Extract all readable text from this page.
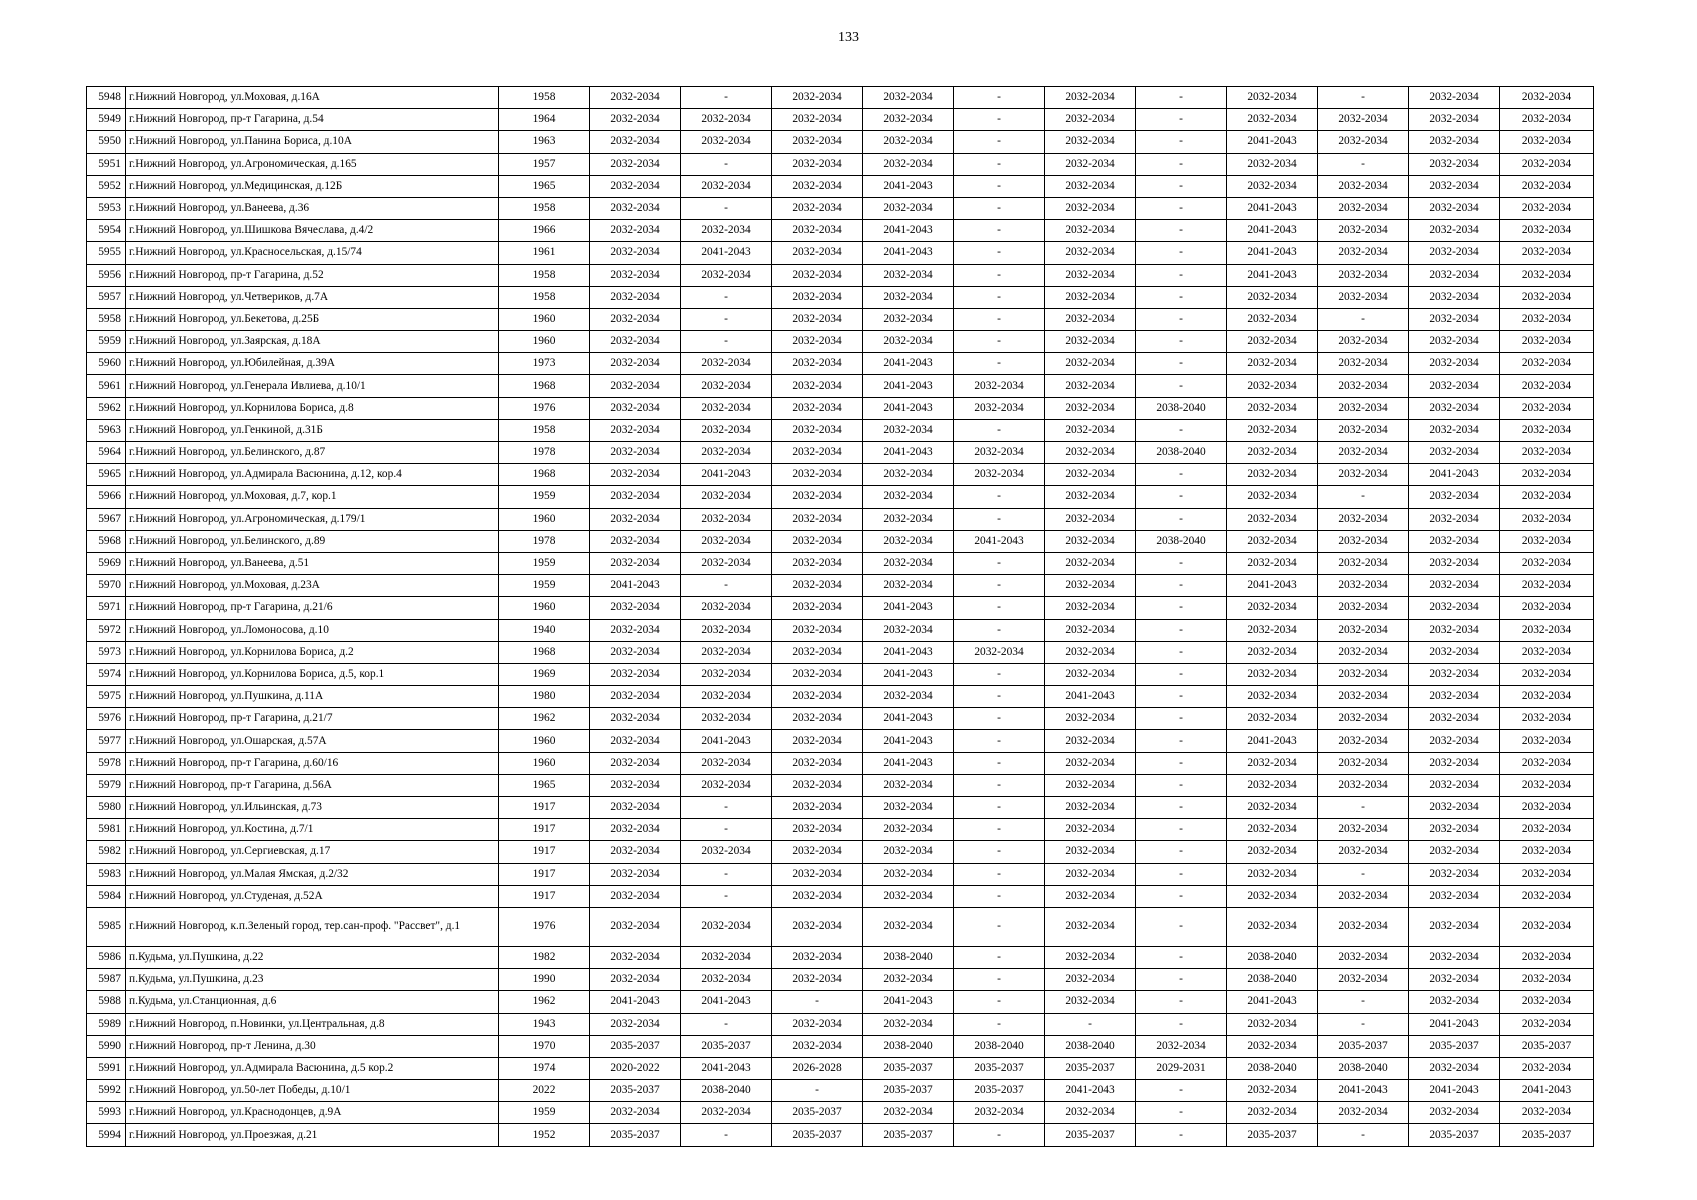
133
5948	г.Нижний Новгород, ул.Моховая, д.16А	1958	2032-2034	-	2032-2034	2032-2034	-	2032-2034	-	2032-2034	-	2032-2034	2032-2034
5949	г.Нижний Новгород, пр-т Гагарина, д.54	1964	2032-2034	2032-2034	2032-2034	2032-2034	-	2032-2034	-	2032-2034	2032-2034	2032-2034	2032-2034
5950	г.Нижний Новгород, ул.Панина Бориса, д.10А	1963	2032-2034	2032-2034	2032-2034	2032-2034	-	2032-2034	-	2041-2043	2032-2034	2032-2034	2032-2034
5951	г.Нижний Новгород, ул.Агрономическая, д.165	1957	2032-2034	-	2032-2034	2032-2034	-	2032-2034	-	2032-2034	-	2032-2034	2032-2034
5952	г.Нижний Новгород, ул.Медицинская, д.12Б	1965	2032-2034	2032-2034	2032-2034	2041-2043	-	2032-2034	-	2032-2034	2032-2034	2032-2034	2032-2034
5953	г.Нижний Новгород, ул.Ванеева, д.36	1958	2032-2034	-	2032-2034	2032-2034	-	2032-2034	-	2041-2043	2032-2034	2032-2034	2032-2034
5954	г.Нижний Новгород, ул.Шишкова Вячеслава, д.4/2	1966	2032-2034	2032-2034	2032-2034	2041-2043	-	2032-2034	-	2041-2043	2032-2034	2032-2034	2032-2034
5955	г.Нижний Новгород, ул.Красносельская, д.15/74	1961	2032-2034	2041-2043	2032-2034	2041-2043	-	2032-2034	-	2041-2043	2032-2034	2032-2034	2032-2034
5956	г.Нижний Новгород, пр-т Гагарина, д.52	1958	2032-2034	2032-2034	2032-2034	2032-2034	-	2032-2034	-	2041-2043	2032-2034	2032-2034	2032-2034
5957	г.Нижний Новгород, ул.Четвериков, д.7А	1958	2032-2034	-	2032-2034	2032-2034	-	2032-2034	-	2032-2034	2032-2034	2032-2034	2032-2034
5958	г.Нижний Новгород, ул.Бекетова, д.25Б	1960	2032-2034	-	2032-2034	2032-2034	-	2032-2034	-	2032-2034	-	2032-2034	2032-2034
5959	г.Нижний Новгород, ул.Заярская, д.18А	1960	2032-2034	-	2032-2034	2032-2034	-	2032-2034	-	2032-2034	2032-2034	2032-2034	2032-2034
5960	г.Нижний Новгород, ул.Юбилейная, д.39А	1973	2032-2034	2032-2034	2032-2034	2041-2043	-	2032-2034	-	2032-2034	2032-2034	2032-2034	2032-2034
5961	г.Нижний Новгород, ул.Генерала Ивлиева, д.10/1	1968	2032-2034	2032-2034	2032-2034	2041-2043	2032-2034	2032-2034	-	2032-2034	2032-2034	2032-2034	2032-2034
5962	г.Нижний Новгород, ул.Корнилова Бориса, д.8	1976	2032-2034	2032-2034	2032-2034	2041-2043	2032-2034	2032-2034	2038-2040	2032-2034	2032-2034	2032-2034	2032-2034
5963	г.Нижний Новгород, ул.Генкиной, д.31Б	1958	2032-2034	2032-2034	2032-2034	2032-2034	-	2032-2034	-	2032-2034	2032-2034	2032-2034	2032-2034
5964	г.Нижний Новгород, ул.Белинского, д.87	1978	2032-2034	2032-2034	2032-2034	2041-2043	2032-2034	2032-2034	2038-2040	2032-2034	2032-2034	2032-2034	2032-2034
5965	г.Нижний Новгород, ул.Адмирала Васюнина, д.12, кор.4	1968	2032-2034	2041-2043	2032-2034	2032-2034	2032-2034	2032-2034	-	2032-2034	2032-2034	2041-2043	2032-2034
5966	г.Нижний Новгород, ул.Моховая, д.7, кор.1	1959	2032-2034	2032-2034	2032-2034	2032-2034	-	2032-2034	-	2032-2034	-	2032-2034	2032-2034
5967	г.Нижний Новгород, ул.Агрономическая, д.179/1	1960	2032-2034	2032-2034	2032-2034	2032-2034	-	2032-2034	-	2032-2034	2032-2034	2032-2034	2032-2034
5968	г.Нижний Новгород, ул.Белинского, д.89	1978	2032-2034	2032-2034	2032-2034	2032-2034	2041-2043	2032-2034	2038-2040	2032-2034	2032-2034	2032-2034	2032-2034
5969	г.Нижний Новгород, ул.Ванеева, д.51	1959	2032-2034	2032-2034	2032-2034	2032-2034	-	2032-2034	-	2032-2034	2032-2034	2032-2034	2032-2034
5970	г.Нижний Новгород, ул.Моховая, д.23А	1959	2041-2043	-	2032-2034	2032-2034	-	2032-2034	-	2041-2043	2032-2034	2032-2034	2032-2034
5971	г.Нижний Новгород, пр-т Гагарина, д.21/6	1960	2032-2034	2032-2034	2032-2034	2041-2043	-	2032-2034	-	2032-2034	2032-2034	2032-2034	2032-2034
5972	г.Нижний Новгород, ул.Ломоносова, д.10	1940	2032-2034	2032-2034	2032-2034	2032-2034	-	2032-2034	-	2032-2034	2032-2034	2032-2034	2032-2034
5973	г.Нижний Новгород, ул.Корнилова Бориса, д.2	1968	2032-2034	2032-2034	2032-2034	2041-2043	2032-2034	2032-2034	-	2032-2034	2032-2034	2032-2034	2032-2034
5974	г.Нижний Новгород, ул.Корнилова Бориса, д.5, кор.1	1969	2032-2034	2032-2034	2032-2034	2041-2043	-	2032-2034	-	2032-2034	2032-2034	2032-2034	2032-2034
5975	г.Нижний Новгород, ул.Пушкина, д.11А	1980	2032-2034	2032-2034	2032-2034	2032-2034	-	2041-2043	-	2032-2034	2032-2034	2032-2034	2032-2034
5976	г.Нижний Новгород, пр-т Гагарина, д.21/7	1962	2032-2034	2032-2034	2032-2034	2041-2043	-	2032-2034	-	2032-2034	2032-2034	2032-2034	2032-2034
5977	г.Нижний Новгород, ул.Ошарская, д.57А	1960	2032-2034	2041-2043	2032-2034	2041-2043	-	2032-2034	-	2041-2043	2032-2034	2032-2034	2032-2034
5978	г.Нижний Новгород, пр-т Гагарина, д.60/16	1960	2032-2034	2032-2034	2032-2034	2041-2043	-	2032-2034	-	2032-2034	2032-2034	2032-2034	2032-2034
5979	г.Нижний Новгород, пр-т Гагарина, д.56А	1965	2032-2034	2032-2034	2032-2034	2032-2034	-	2032-2034	-	2032-2034	2032-2034	2032-2034	2032-2034
5980	г.Нижний Новгород, ул.Ильинская, д.73	1917	2032-2034	-	2032-2034	2032-2034	-	2032-2034	-	2032-2034	-	2032-2034	2032-2034
5981	г.Нижний Новгород, ул.Костина, д.7/1	1917	2032-2034	-	2032-2034	2032-2034	-	2032-2034	-	2032-2034	2032-2034	2032-2034	2032-2034
5982	г.Нижний Новгород, ул.Сергиевская, д.17	1917	2032-2034	2032-2034	2032-2034	2032-2034	-	2032-2034	-	2032-2034	2032-2034	2032-2034	2032-2034
5983	г.Нижний Новгород, ул.Малая Ямская, д.2/32	1917	2032-2034	-	2032-2034	2032-2034	-	2032-2034	-	2032-2034	-	2032-2034	2032-2034
5984	г.Нижний Новгород, ул.Студеная, д.52А	1917	2032-2034	-	2032-2034	2032-2034	-	2032-2034	-	2032-2034	2032-2034	2032-2034	2032-2034
5985	г.Нижний Новгород, к.п.Зеленый город, тер.сан-проф. "Рассвет", д.1	1976	2032-2034	2032-2034	2032-2034	2032-2034	-	2032-2034	-	2032-2034	2032-2034	2032-2034	2032-2034
5986	п.Кудьма, ул.Пушкина, д.22	1982	2032-2034	2032-2034	2032-2034	2038-2040	-	2032-2034	-	2038-2040	2032-2034	2032-2034	2032-2034
5987	п.Кудьма, ул.Пушкина, д.23	1990	2032-2034	2032-2034	2032-2034	2032-2034	-	2032-2034	-	2038-2040	2032-2034	2032-2034	2032-2034
5988	п.Кудьма, ул.Станционная, д.6	1962	2041-2043	2041-2043	-	2041-2043	-	2032-2034	-	2041-2043	-	2032-2034	2032-2034
5989	г.Нижний Новгород, п.Новинки, ул.Центральная, д.8	1943	2032-2034	-	2032-2034	2032-2034	-	-	-	2032-2034	-	2041-2043	2032-2034
5990	г.Нижний Новгород, пр-т Ленина, д.30	1970	2035-2037	2035-2037	2032-2034	2038-2040	2038-2040	2038-2040	2032-2034	2032-2034	2035-2037	2035-2037	2035-2037
5991	г.Нижний Новгород, ул.Адмирала Васюнина, д.5 кор.2	1974	2020-2022	2041-2043	2026-2028	2035-2037	2035-2037	2035-2037	2029-2031	2038-2040	2038-2040	2032-2034	2032-2034
5992	г.Нижний Новгород, ул.50-лет Победы, д.10/1	2022	2035-2037	2038-2040	-	2035-2037	2035-2037	2041-2043	-	2032-2034	2041-2043	2041-2043	2041-2043
5993	г.Нижний Новгород, ул.Краснодонцев, д.9А	1959	2032-2034	2032-2034	2035-2037	2032-2034	2032-2034	2032-2034	-	2032-2034	2032-2034	2032-2034	2032-2034
5994	г.Нижний Новгород, ул.Проезжая, д.21	1952	2035-2037	-	2035-2037	2035-2037	-	2035-2037	-	2035-2037	-	2035-2037	2035-2037
